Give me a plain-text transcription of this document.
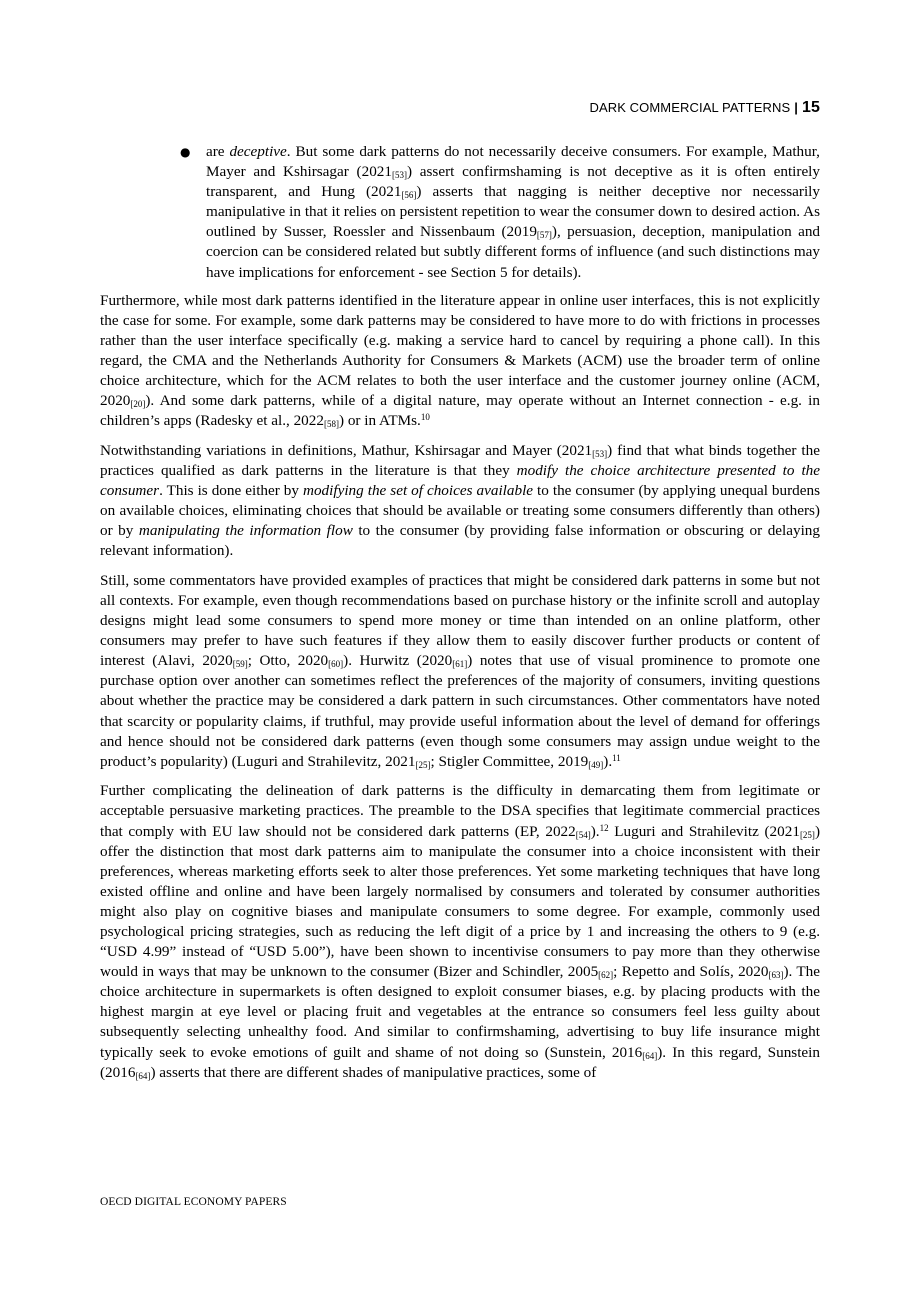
DARK COMMERCIAL PATTERNS | 15
● are deceptive. But some dark patterns do not necessarily deceive consumers. For example, Mathur, Mayer and Kshirsagar $(2021_{[53]})$ assert confirmshaming is not deceptive as it is often entirely transparent, and Hung $(2021_{[56]})$ asserts that nagging is neither deceptive nor necessarily manipulative in that it relies on persistent repetition to wear the consumer down to desired action. As outlined by Susser, Roessler and Nissenbaum $(2019_{[57]})$, persuasion, deception, manipulation and coercion can be considered related but subtly different forms of influence (and such distinctions may have implications for enforcement - see Section 5 for details).

Furthermore, while most dark patterns identified in the literature appear in online user interfaces, this is not explicitly the case for some. For example, some dark patterns may be considered to have more to do with frictions in processes rather than the user interface specifically (e.g. making a service hard to cancel by requiring a phone call). In this regard, the CMA and the Netherlands Authority for Consumers & Markets (ACM) use the broader term of online choice architecture, which for the ACM relates to both the user interface and the customer journey online (ACM, $2020_{[20]}$). And some dark patterns, while of a digital nature, may operate without an Internet connection - e.g. in children’s apps (Radesky et al., $2022_{[58]}$) or in ATMs.$^{10}$

Notwithstanding variations in definitions, Mathur, Kshirsagar and Mayer $(2021_{[53]})$ find that what binds together the practices qualified as dark patterns in the literature is that they modify the choice architecture presented to the consumer. This is done either by modifying the set of choices available to the consumer (by applying unequal burdens on available choices, eliminating choices that should be available or treating some consumers differently than others) or by manipulating the information flow to the consumer (by providing false information or obscuring or delaying relevant information).

Still, some commentators have provided examples of practices that might be considered dark patterns in some but not all contexts. For example, even though recommendations based on purchase history or the infinite scroll and autoplay designs might lead some consumers to spend more money or time than intended on an online platform, other consumers may prefer to have such features if they allow them to easily discover further products or content of interest (Alavi, $2020_{[59]}$; Otto, $2020_{[60]}$). Hurwitz $(2020_{[61]})$ notes that use of visual prominence to promote one purchase option over another can sometimes reflect the preferences of the majority of consumers, inviting questions about whether the practice may be considered a dark pattern in such circumstances. Other commentators have noted that scarcity or popularity claims, if truthful, may provide useful information about the level of demand for offerings and hence should not be considered dark patterns (even though some consumers may assign undue weight to the product’s popularity) (Luguri and Strahilevitz, $2021_{[25]}$; Stigler Committee, $2019_{[49]}).^{11}$

Further complicating the delineation of dark patterns is the difficulty in demarcating them from legitimate or acceptable persuasive marketing practices. The preamble to the DSA specifies that legitimate commercial practices that comply with EU law should not be considered dark patterns (EP, $2022_{[54]}).^{12}$ Luguri and Strahilevitz $(2021_{[25]})$ offer the distinction that most dark patterns aim to manipulate the consumer into a choice inconsistent with their preferences, whereas marketing efforts seek to alter those preferences. Yet some marketing techniques that have long existed offline and online and have been largely normalised by consumers and tolerated by consumer authorities might also play on cognitive biases and manipulate consumers to some degree. For example, commonly used psychological pricing strategies, such as reducing the left digit of a price by 1 and increasing the others to 9 (e.g. “USD 4.99” instead of “USD 5.00”), have been shown to incentivise consumers to pay more than they otherwise would in ways that may be unknown to the consumer (Bizer and Schindler, $2005_{[62]}$; Repetto and Solís, $2020_{[63]}$). The choice architecture in supermarkets is often designed to exploit consumer biases, e.g. by placing products with the highest margin at eye level or placing fruit and vegetables at the entrance so consumers feel less guilty about subsequently selecting unhealthy food. And similar to confirmshaming, advertising to buy life insurance might typically seek to evoke emotions of guilt and shame of not doing so (Sunstein, $2016_{[64]}$). In this regard, Sunstein $(2016_{[64]})$ asserts that there are different shades of manipulative practices, some of

OECD DIGITAL ECONOMY PAPERS
